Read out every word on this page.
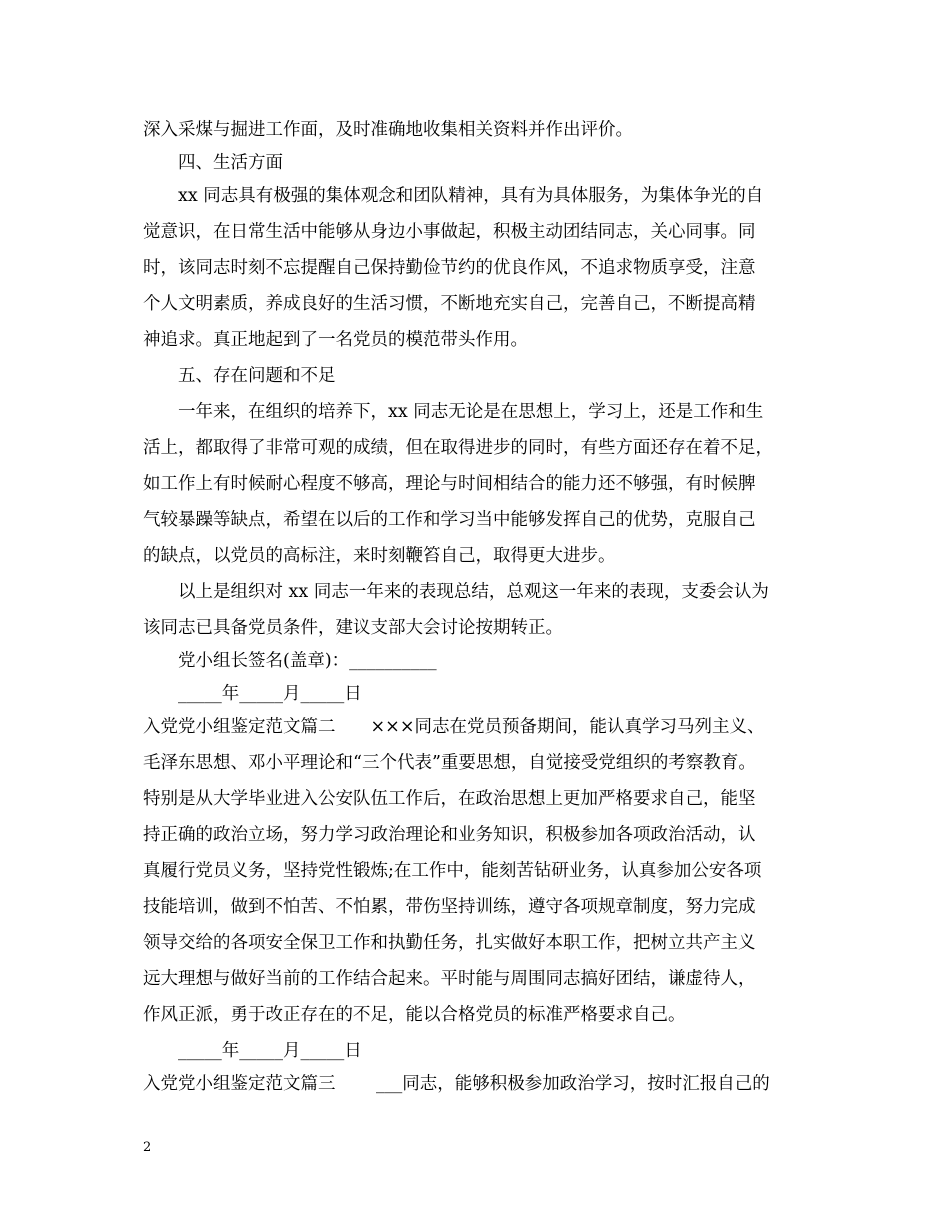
深入采煤与掘进工作面，及时准确地收集相关资料并作出评价。
　　四、生活方面
　　xx 同志具有极强的集体观念和团队精神，具有为具体服务，为集体争光的自
觉意识，在日常生活中能够从身边小事做起，积极主动团结同志，关心同事。同
时，该同志时刻不忘提醒自己保持勤俭节约的优良作风，不追求物质享受，注意
个人文明素质，养成良好的生活习惯，不断地充实自己，完善自己，不断提高精
神追求。真正地起到了一名党员的模范带头作用。
　　五、存在问题和不足
　　一年来，在组织的培养下，xx 同志无论是在思想上，学习上，还是工作和生
活上，都取得了非常可观的成绩，但在取得进步的同时，有些方面还存在着不足，
如工作上有时候耐心程度不够高，理论与时间相结合的能力还不够强，有时候脾
气较暴躁等缺点，希望在以后的工作和学习当中能够发挥自己的优势，克服自己
的缺点，以党员的高标注，来时刻鞭笞自己，取得更大进步。
　　以上是组织对 xx 同志一年来的表现总结，总观这一年来的表现，支委会认为
该同志已具备党员条件，建议支部大会讨论按期转正。
　　党小组长签名(盖章)：__________
　　_____年_____月_____日
入党党小组鉴定范文篇二　　×××同志在党员预备期间，能认真学习马列主义、
毛泽东思想、邓小平理论和“三个代表”重要思想，自觉接受党组织的考察教育。
特别是从大学毕业进入公安队伍工作后，在政治思想上更加严格要求自己，能坚
持正确的政治立场，努力学习政治理论和业务知识，积极参加各项政治活动，认
真履行党员义务，坚持党性锻炼;在工作中，能刻苦钻研业务，认真参加公安各项
技能培训，做到不怕苦、不怕累，带伤坚持训练，遵守各项规章制度，努力完成
领导交给的各项安全保卫工作和执勤任务，扎实做好本职工作，把树立共产主义
远大理想与做好当前的工作结合起来。平时能与周围同志搞好团结，谦虚待人，
作风正派，勇于改正存在的不足，能以合格党员的标准严格要求自己。
　　_____年_____月_____日
入党党小组鉴定范文篇三　　 ___同志，能够积极参加政治学习，按时汇报自己的
2
